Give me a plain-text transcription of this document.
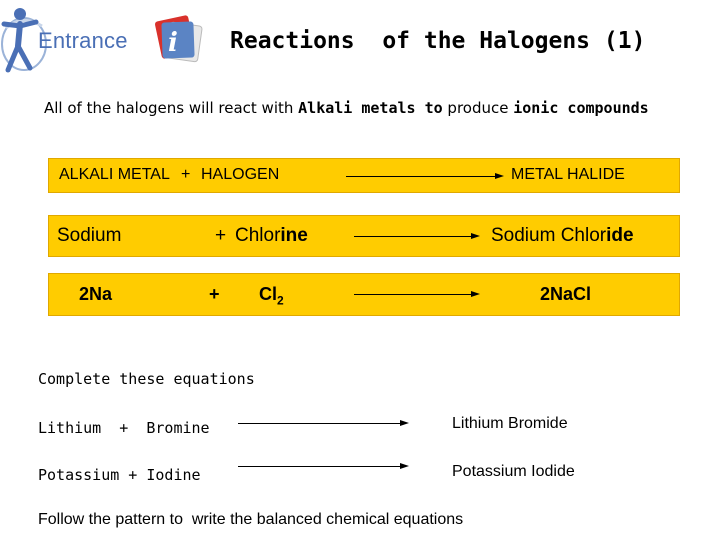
Entrance i Reactions  of the Halogens (1)
All of the halogens will react with Alkali metals to produce ionic compounds
ALKALI METAL + HALOGEN	METAL HALIDE
Sodium	+ Chlorine	Sodium Chloride
2Na	+ $Cl_2$	2NaCl
Complete these equations
Lithium  +  Bromine	Lithium Bromide
Potassium + Iodine	Potassium Iodide
Follow the pattern to  write the balanced chemical equations
